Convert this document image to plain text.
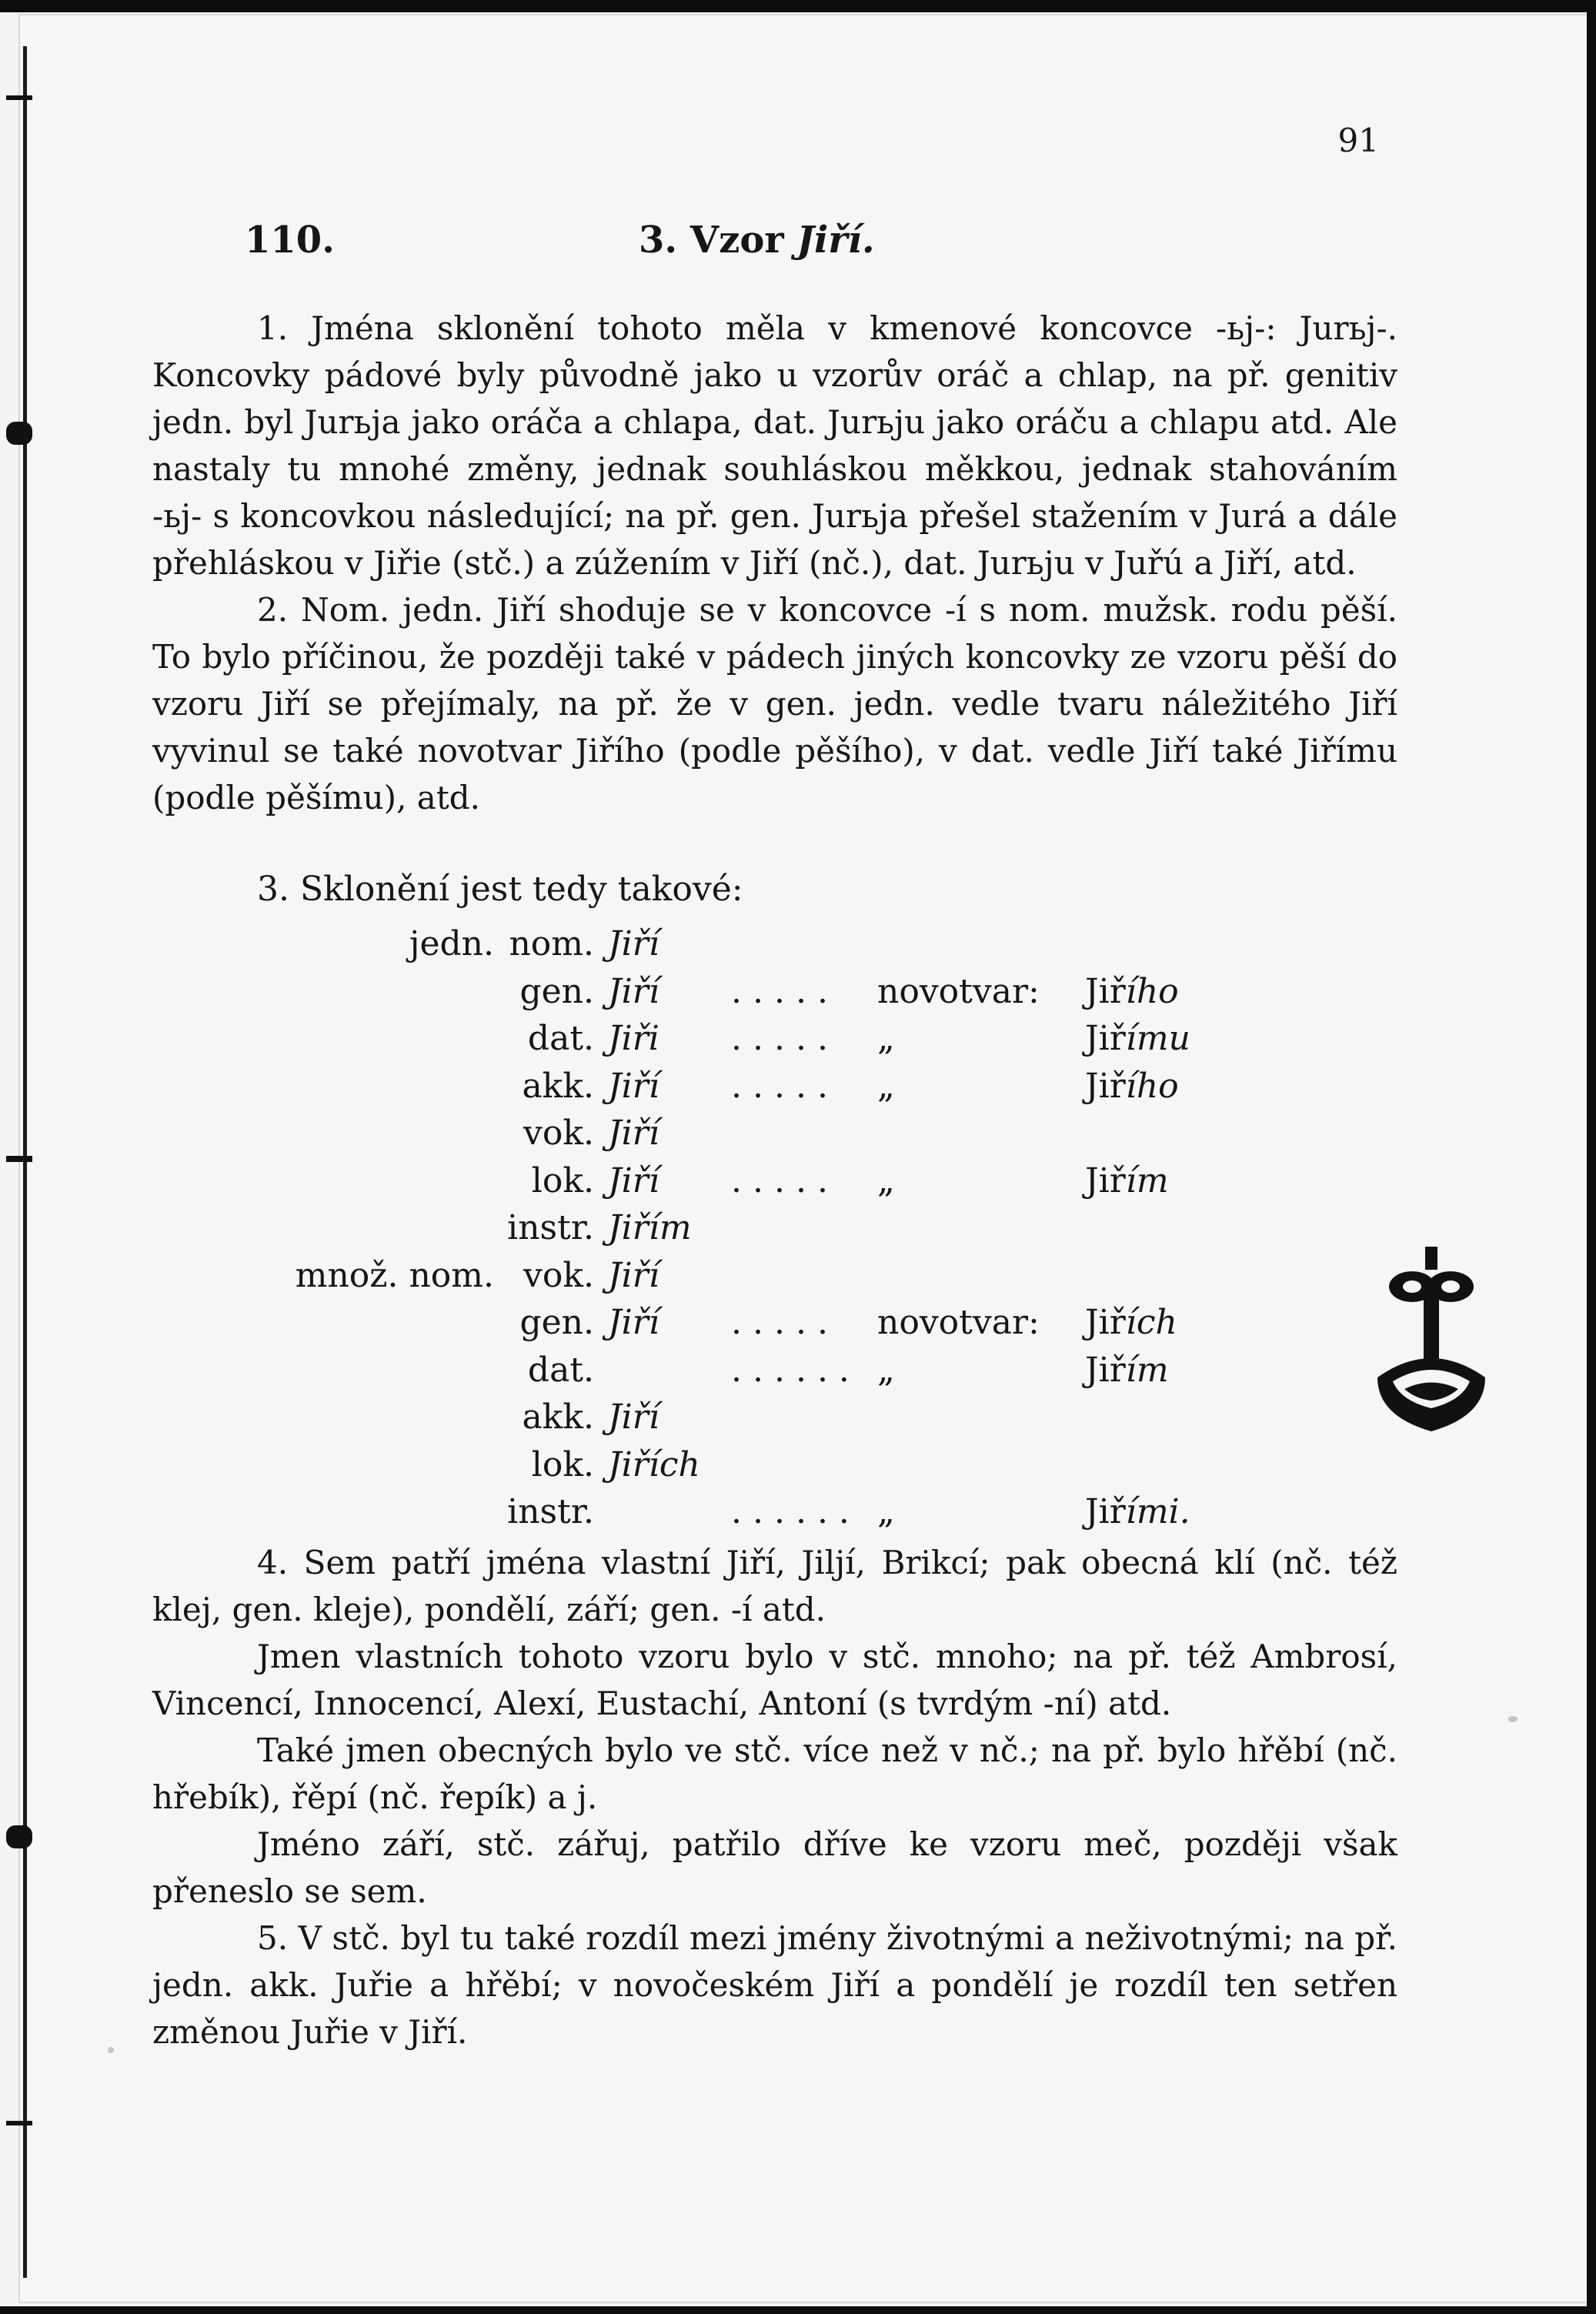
91
110.	3. Vzor Jiří.

1. Jména sklonění tohoto měla v kmenové koncovce -ьj-: Jurьj-. Koncovky pádové byly původně jako u vzorův oráč a chlap, na př. genitiv jedn. byl Jurьja jako oráča a chlapa, dat. Jurьju jako oráču a chlapu atd. Ale nastaly tu mnohé změny, jednak souhláskou měkkou, jednak stahováním -ьj- s koncovkou následující; na př. gen. Jurьja přešel stažením v Jurá a dále přehláskou v Jiřie (stč.) a zúžením v Jiří (nč.), dat. Jurьju v Juřú a Jiří, atd.

2. Nom. jedn. Jiří shoduje se v koncovce -í s nom. mužsk. rodu pěší. To bylo příčinou, že později také v pádech jiných koncovky ze vzoru pěší do vzoru Jiří se přejímaly, na př. že v gen. jedn. vedle tvaru náležitého Jiří vyvinul se také novotvar Jiřího (podle pěšího), v dat. vedle Jiří také Jiřímu (podle pěšímu), atd.

3. Sklonění jest tedy takové:
jedn.	nom.	Jiří			
	gen.	Jiří	.....	novotvar:	Jiřího
	dat.	Jiři	.....	„	Jiřímu
	akk.	Jiří	.....	„	Jiřího
	vok.	Jiří			
	lok.	Jiří	.....	„	Jiřím
	instr.	Jiřím			
množ. nom.	vok.	Jiří			
	gen.	Jiří	.....	novotvar:	Jiřích
	dat.		......	„	Jiřím
	akk.	Jiří			
	lok.	Jiřích			
	instr.		......	„	Jiřími.

4. Sem patří jména vlastní Jiří, Jiljí, Brikcí; pak obecná klí (nč. též klej, gen. kleje), pondělí, září; gen. -í atd.

Jmen vlastních tohoto vzoru bylo v stč. mnoho; na př. též Ambrosí, Vincencí, Innocencí, Alexí, Eustachí, Antoní (s tvrdým -ní) atd.

Také jmen obecných bylo ve stč. více než v nč.; na př. bylo hřěbí (nč. hřebík), řěpí (nč. řepík) a j.

Jméno září, stč. zářuj, patřilo dříve ke vzoru meč, později však přeneslo se sem.

5. V stč. byl tu také rozdíl mezi jmény životnými a neživotnými; na př. jedn. akk. Juřie a hřěbí; v novočeském Jiří a pondělí je rozdíl ten setřen změnou Juřie v Jiří.
